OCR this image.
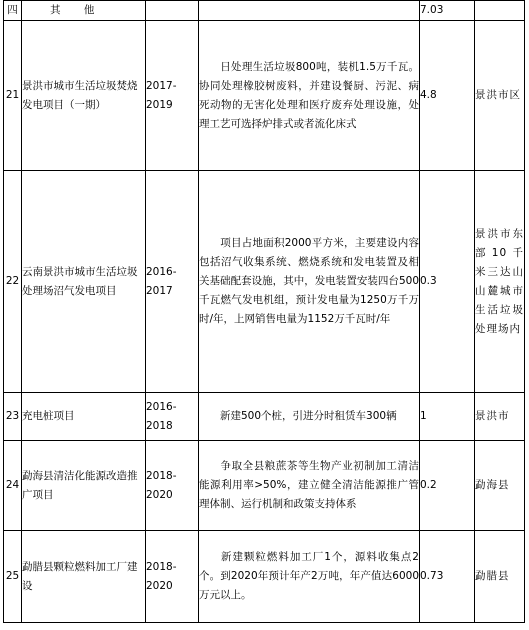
四	其 他			7.03	
21	景洪市城市生活垃圾焚烧发电项目（一期）	2017-2019	日处理生活垃圾800吨，装机1.5万千瓦。协同处理橡胶树废料，并建设餐厨、污泥、病死动物的无害化处理和医疗废弃处理设施，处理工艺可选择炉排式或者流化床式	4.8	景洪市区
22	云南景洪市城市生活垃圾处理场沼气发电项目	2016-2017	项目占地面积2000平方米，主要建设内容包括沼气收集系统、燃烧系统和发电装置及相关基础配套设施，其中，发电装置安装四台500千瓦燃气发电机组，预计发电量为1250万千万时/年，上网销售电量为1152万千瓦时/年	0.3	景洪市东部10千米三达山山麓城市生活垃圾处理场内
23	充电桩项目	2016-2018	新建500个桩，引进分时租赁车300辆	1	景洪市
24	勐海县清洁化能源改造推广项目	2018-2020	争取全县粮蔗茶等生物产业初制加工清洁能源利用率>50%，建立健全清洁能源推广管理体制、运行机制和政策支持体系	0.2	勐海县
25	勐腊县颗粒燃料加工厂建设	2018-2020	新建颗粒燃料加工厂1个，源料收集点2个。到2020年预计年产2万吨，年产值达6000万元以上。	0.73	勐腊县
